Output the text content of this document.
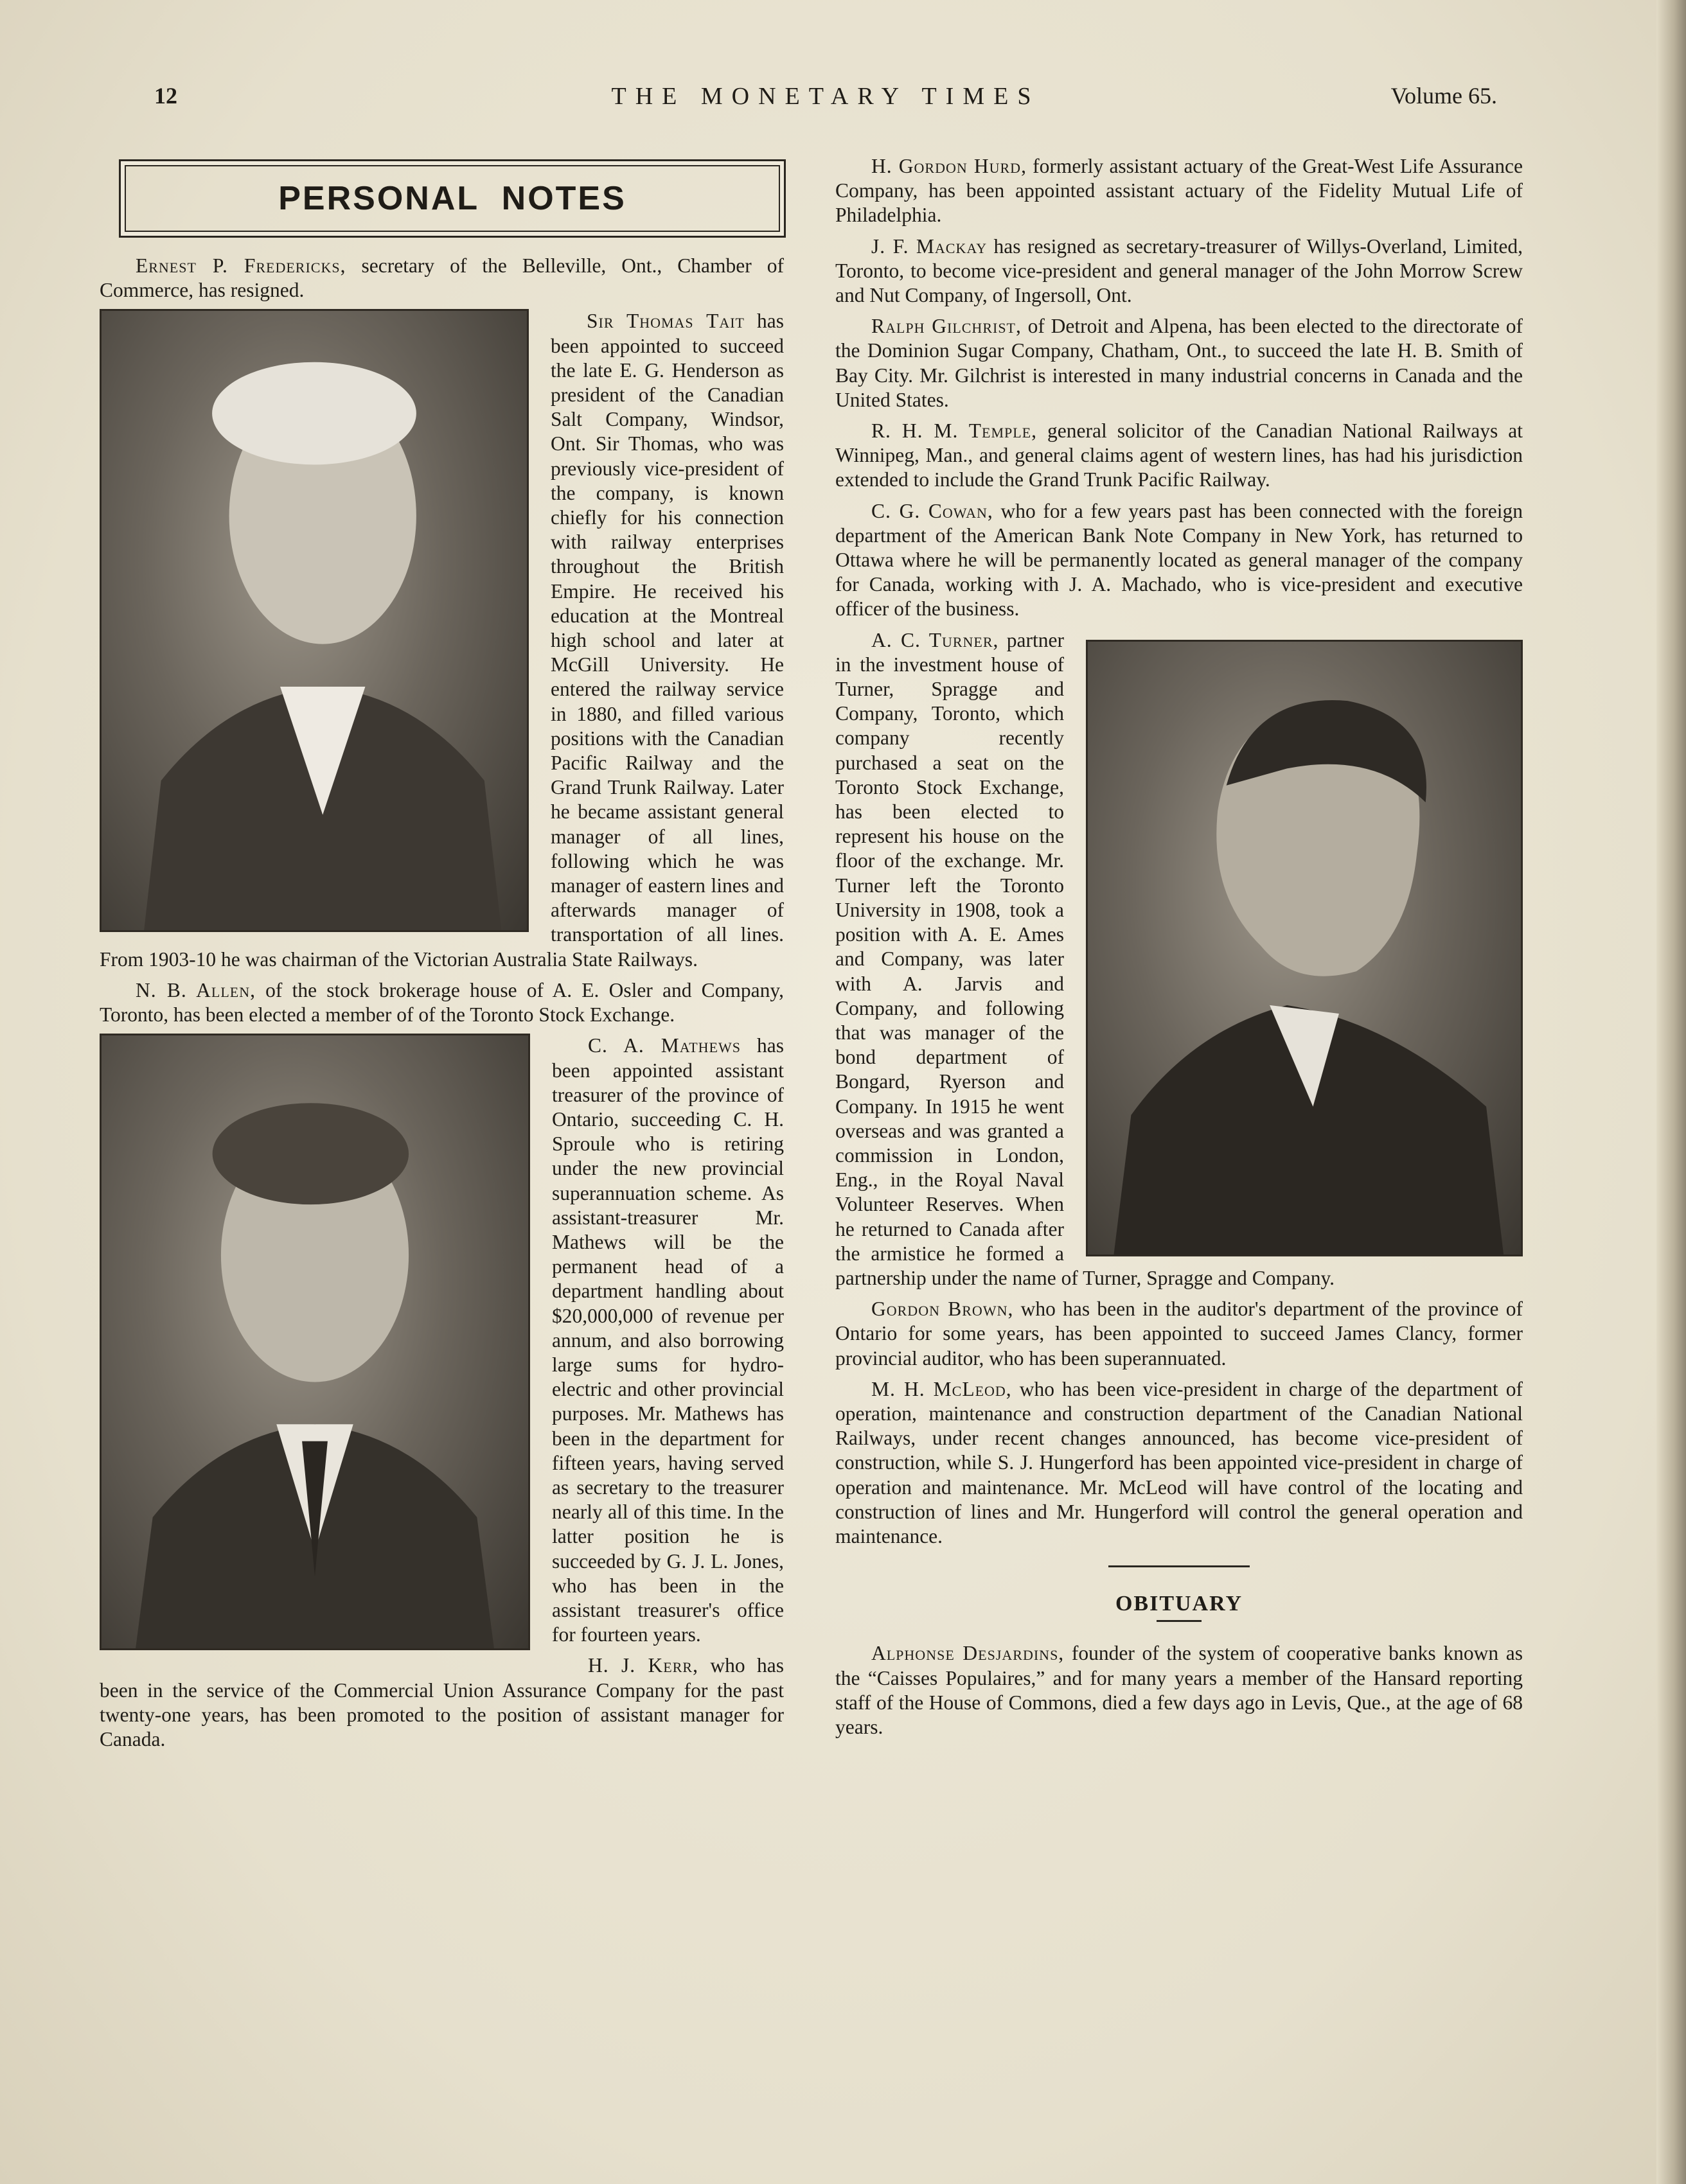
12	THE MONETARY TIMES	Volume 65.
PERSONAL NOTES

Ernest P. Fredericks, secretary of the Belleville, Ont., Chamber of Commerce, has resigned.

Sir Thomas Tait has been appointed to succeed the late E. G. Henderson as president of the Canadian Salt Company, Windsor, Ont. Sir Thomas, who was previously vice-president of the company, is known chiefly for his connection with railway enterprises throughout the British Empire. He received his education at the Montreal high school and later at McGill University. He entered the railway service in 1880, and filled various positions with the Canadian Pacific Railway and the Grand Trunk Railway. Later he became assistant general manager of all lines, following which he was manager of eastern lines and afterwards manager of transportation of all lines. From 1903-10 he was chairman of the Victorian Australia State Railways.

N. B. Allen, of the stock brokerage house of A. E. Osler and Company, Toronto, has been elected a member of of the Toronto Stock Exchange.

C. A. Mathews has been appointed assistant treasurer of the province of Ontario, succeeding C. H. Sproule who is retiring under the new provincial superannuation scheme. As assistant-treasurer Mr. Mathews will be the permanent head of a department handling about $20,000,000 of revenue per annum, and also borrowing large sums for hydro-electric and other provincial purposes. Mr. Mathews has been in the department for fifteen years, having served as secretary to the treasurer nearly all of this time. In the latter position he is succeeded by G. J. L. Jones, who has been in the assistant treasurer's office for fourteen years.

H. J. Kerr, who has been in the service of the Commercial Union Assurance Company for the past twenty-one years, has been promoted to the position of assistant manager for Canada.

H. Gordon Hurd, formerly assistant actuary of the Great-West Life Assurance Company, has been appointed assistant actuary of the Fidelity Mutual Life of Philadelphia.

J. F. Mackay has resigned as secretary-treasurer of Willys-Overland, Limited, Toronto, to become vice-president and general manager of the John Morrow Screw and Nut Company, of Ingersoll, Ont.

Ralph Gilchrist, of Detroit and Alpena, has been elected to the directorate of the Dominion Sugar Company, Chatham, Ont., to succeed the late H. B. Smith of Bay City. Mr. Gilchrist is interested in many industrial concerns in Canada and the United States.

R. H. M. Temple, general solicitor of the Canadian National Railways at Winnipeg, Man., and general claims agent of western lines, has had his jurisdiction extended to include the Grand Trunk Pacific Railway.

C. G. Cowan, who for a few years past has been connected with the foreign department of the American Bank Note Company in New York, has returned to Ottawa where he will be permanently located as general manager of the company for Canada, working with J. A. Machado, who is vice-president and executive officer of the business.

A. C. Turner, partner in the investment house of Turner, Spragge and Company, Toronto, which company recently purchased a seat on the Toronto Stock Exchange, has been elected to represent his house on the floor of the exchange. Mr. Turner left the Toronto University in 1908, took a position with A. E. Ames and Company, was later with A. Jarvis and Company, and following that was manager of the bond department of Bongard, Ryerson and Company. In 1915 he went overseas and was granted a commission in London, Eng., in the Royal Naval Volunteer Reserves. When he returned to Canada after the armistice he formed a partnership under the name of Turner, Spragge and Company.

Gordon Brown, who has been in the auditor's department of the province of Ontario for some years, has been appointed to succeed James Clancy, former provincial auditor, who has been superannuated.

M. H. McLeod, who has been vice-president in charge of the department of operation, maintenance and construction department of the Canadian National Railways, under recent changes announced, has become vice-president of construction, while S. J. Hungerford has been appointed vice-president in charge of operation and maintenance. Mr. McLeod will have control of the locating and construction of lines and Mr. Hungerford will control the general operation and maintenance.

OBITUARY

Alphonse Desjardins, founder of the system of cooperative banks known as the “Caisses Populaires,” and for many years a member of the Hansard reporting staff of the House of Commons, died a few days ago in Levis, Que., at the age of 68 years.
